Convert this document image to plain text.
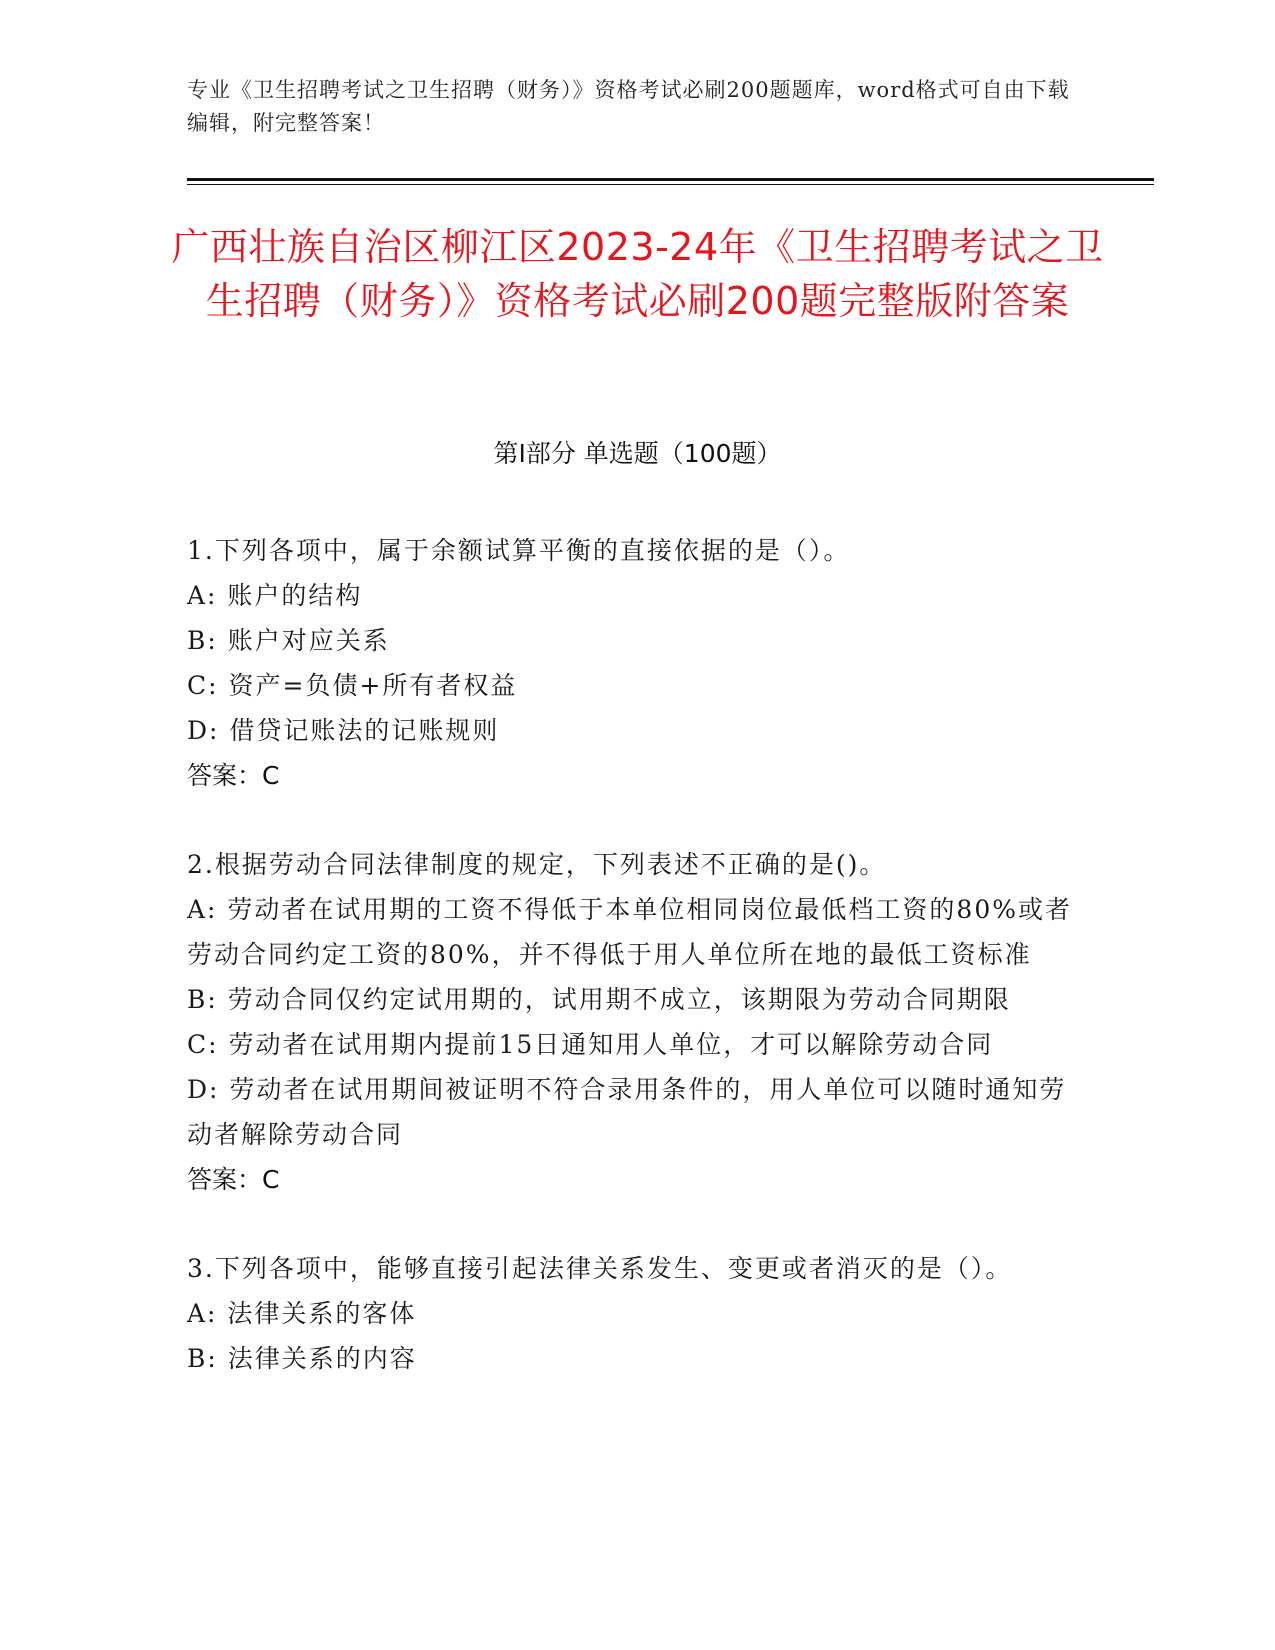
专业《卫生招聘考试之卫生招聘（财务）》资格考试必刷200题题库，word格式可自由下载编辑，附完整答案！
广西壮族自治区柳江区2023-24年《卫生招聘考试之卫生招聘（财务）》资格考试必刷200题完整版附答案
第I部分 单选题（100题）
1.下列各项中，属于余额试算平衡的直接依据的是（）。
A: 账户的结构
B: 账户对应关系
C: 资产=负债+所有者权益
D: 借贷记账法的记账规则
答案：C
2.根据劳动合同法律制度的规定，下列表述不正确的是()。
A: 劳动者在试用期的工资不得低于本单位相同岗位最低档工资的80%或者劳动合同约定工资的80%，并不得低于用人单位所在地的最低工资标准
B: 劳动合同仅约定试用期的，试用期不成立，该期限为劳动合同期限
C: 劳动者在试用期内提前15日通知用人单位，才可以解除劳动合同
D: 劳动者在试用期间被证明不符合录用条件的，用人单位可以随时通知劳动者解除劳动合同
答案：C
3.下列各项中，能够直接引起法律关系发生、变更或者消灭的是（）。
A: 法律关系的客体
B: 法律关系的内容
